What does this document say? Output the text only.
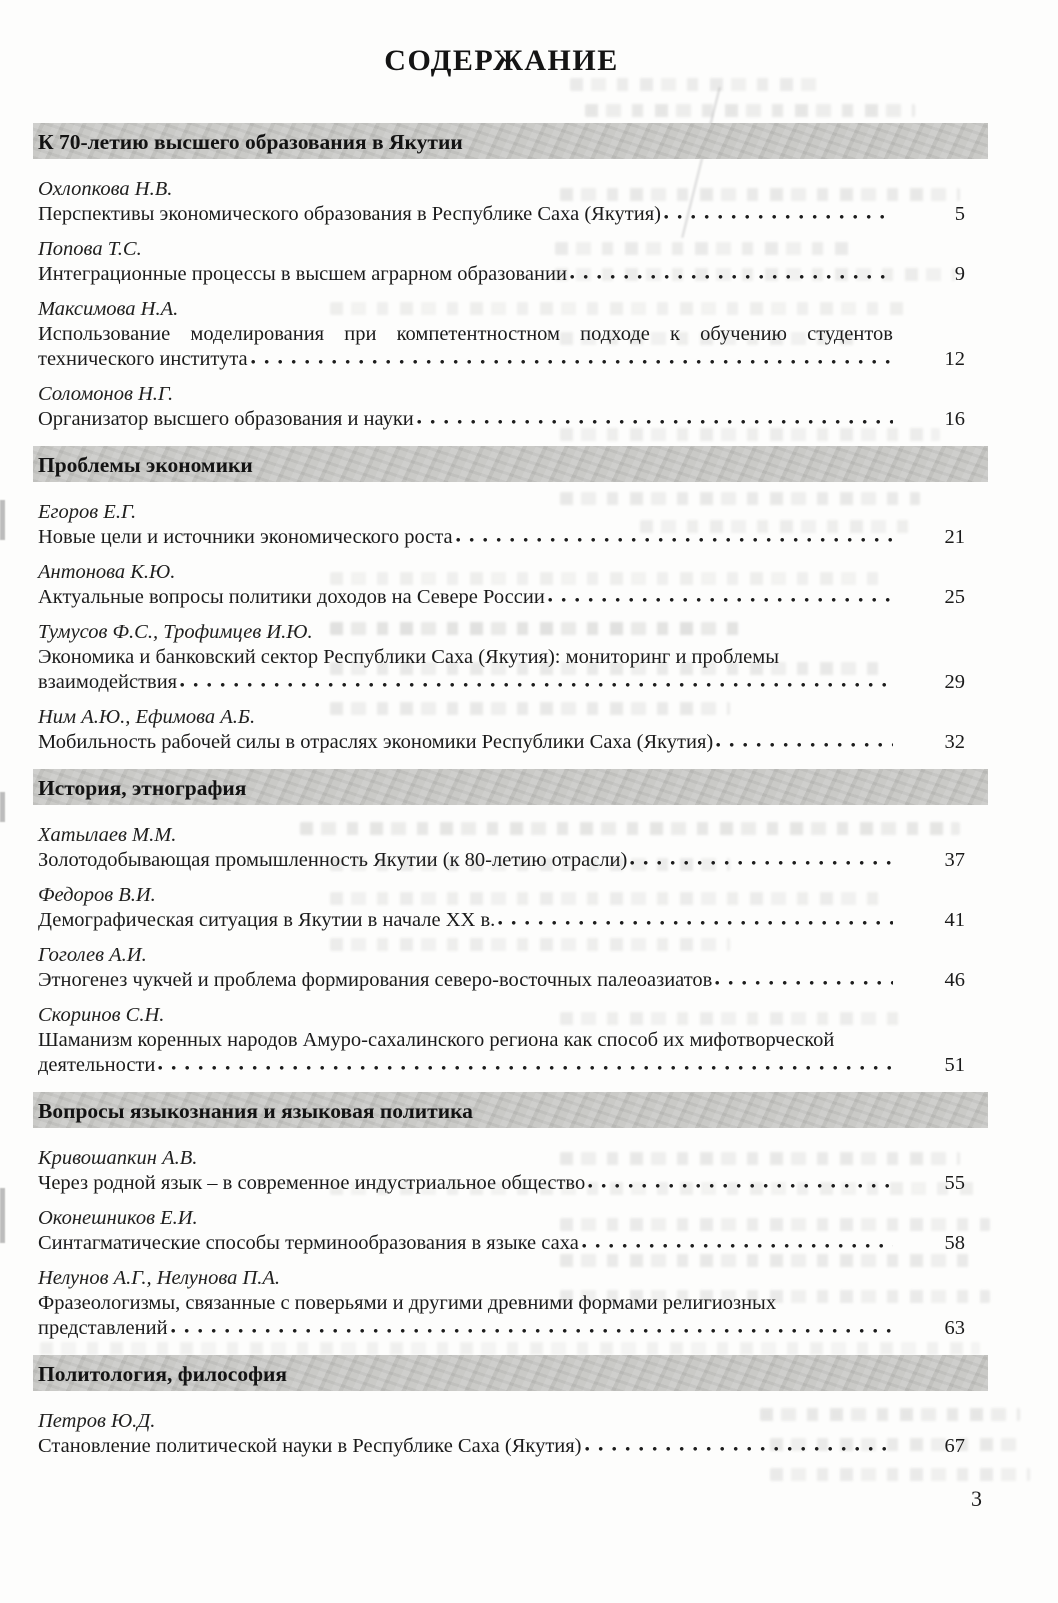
СОДЕРЖАНИЕ
К 70-летию высшего образования в Якутии
Охлопкова Н.В.
Перспективы экономического образования в Республике Саха (Якутия)	5
Попова Т.С.
Интеграционные процессы в высшем аграрном образовании	9
Максимова Н.А.
Использование моделирования при компетентностном подходе к обучению студентов
технического института	12
Соломонов Н.Г.
Организатор высшего образования и науки	16
Проблемы экономики
Егоров Е.Г.
Новые цели и источники экономического роста	21
Антонова К.Ю.
Актуальные вопросы политики доходов на Севере России	25
Тумусов Ф.С., Трофимцев И.Ю.
Экономика и банковский сектор Республики Саха (Якутия): мониторинг и проблемы
взаимодействия	29
Ним А.Ю., Ефимова А.Б.
Мобильность рабочей силы в отраслях экономики Республики Саха (Якутия)	32
История, этнография
Хатылаев М.М.
Золотодобывающая промышленность Якутии (к 80-летию отрасли)	37
Федоров В.И.
Демографическая ситуация в Якутии в начале XX в.	41
Гоголев А.И.
Этногенез чукчей и проблема формирования северо-восточных палеоазиатов	46
Скоринов С.Н.
Шаманизм коренных народов Амуро-сахалинского региона как способ их мифотворческой
деятельности	51
Вопросы языкознания и языковая политика
Кривошапкин А.В.
Через родной язык – в современное индустриальное общество	55
Оконешников Е.И.
Синтагматические способы терминообразования в языке саха	58
Нелунов А.Г., Нелунова П.А.
Фразеологизмы, связанные с поверьями и другими древними формами религиозных
представлений	63
Политология, философия
Петров Ю.Д.
Становление политической науки в Республике Саха (Якутия)	67
3
